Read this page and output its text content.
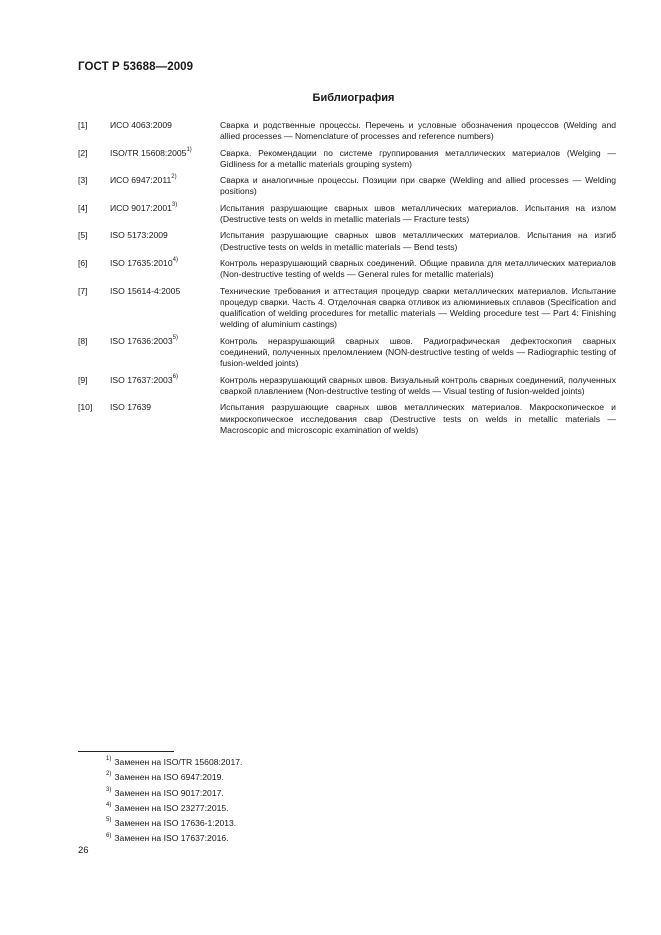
ГОСТ Р 53688—2009
Библиография
[1]	ИСО 4063:2009	Сварка и родственные процессы. Перечень и условные обозначения процессов (Welding and allied processes — Nomenclature of processes and reference numbers)
[2]	ISO/TR 15608:2005$^{1)}$	Сварка. Рекомендации по системе группирования металлических материалов (Welging — Gidliness for a metallic materials grouping system)
[3]	ИСО 6947:2011$^{2)}$	Сварка и аналогичные процессы. Позиции при сварке (Welding and allied processes — Welding positions)
[4]	ИСО 9017:2001$^{3)}$	Испытания разрушающие сварных швов металлических материалов. Испытания на излом (Destructive tests on welds in metallic materials — Fracture tests)
[5]	ISO 5173:2009	Испытания разрушающие сварных швов металлических материалов. Испытания на изгиб (Destructive tests on welds in metallic materials — Bend tests)
[6]	ISO 17635:2010$^{4)}$	Контроль неразрушающий сварных соединений. Общие правила для металлических материалов (Non-destructive testing of welds — General rules for metallic materials)
[7]	ISO 15614-4:2005	Технические требования и аттестация процедур сварки металлических материалов. Испытание процедур сварки. Часть 4. Отделочная сварка отливок из алюминиевых сплавов (Specification and qualification of welding procedures for metallic materials — Welding procedure test — Part 4: Finishing welding of aluminium castings)
[8]	ISO 17636:2003$^{5)}$	Контроль неразрушающий сварных швов. Радиографическая дефектоскопия сварных соединений, полученных преломлением (NON-destructive testing of welds — Radiographic testing of fusion-welded joints)
[9]	ISO 17637:2003$^{6)}$	Контроль неразрушающий сварных швов. Визуальный контроль сварных соединений, полученных сваркой плавлением (Non-destructive testing of welds — Visual testing of fusion-welded joints)
[10]	ISO 17639	Испытания разрушающие сварных швов металлических материалов. Макроскопическое и микроскопическое исследования свар (Destructive tests on welds in metallic materials — Macroscopic and microscopic examination of welds)
$^{1)}$ Заменен на ISO/TR 15608:2017.
$^{2)}$ Заменен на ISO 6947:2019.
$^{3)}$ Заменен на ISO 9017:2017.
$^{4)}$ Заменен на ISO 23277:2015.
$^{5)}$ Заменен на ISO 17636-1:2013.
$^{6)}$ Заменен на ISO 17637:2016.
26
